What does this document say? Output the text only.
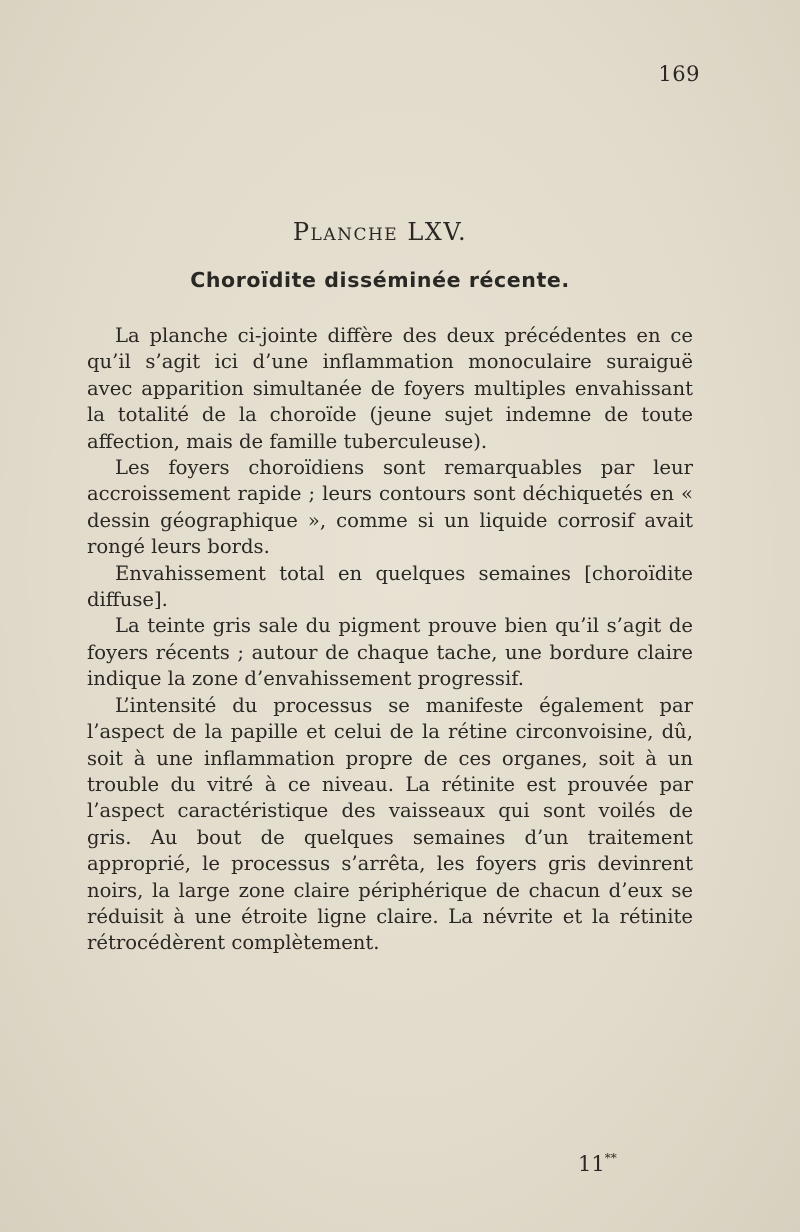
169
Planche LXV.
Choroïdite disséminée récente.

La planche ci-jointe diffère des deux précédentes en ce qu’il s’agit ici d’une inflammation monoculaire suraiguë avec apparition simultanée de foyers multiples envahissant la totalité de la choroïde (jeune sujet indemne de toute affection, mais de famille tuberculeuse).

Les foyers choroïdiens sont remarquables par leur accroissement rapide ; leurs contours sont déchiquetés en « dessin géographique », comme si un liquide corrosif avait rongé leurs bords.

Envahissement total en quelques semaines [choroïdite diffuse].

La teinte gris sale du pigment prouve bien qu’il s’agit de foyers récents ; autour de chaque tache, une bordure claire indique la zone d’envahissement progressif.

L’intensité du processus se manifeste également par l’aspect de la papille et celui de la rétine circonvoisine, dû, soit à une inflammation propre de ces organes, soit à un trouble du vitré à ce niveau. La rétinite est prouvée par l’aspect caractéristique des vaisseaux qui sont voilés de gris. Au bout de quelques semaines d’un traitement approprié, le processus s’arrêta, les foyers gris devinrent noirs, la large zone claire périphérique de chacun d’eux se réduisit à une étroite ligne claire. La névrite et la rétinite rétrocédèrent complètement.

11**
